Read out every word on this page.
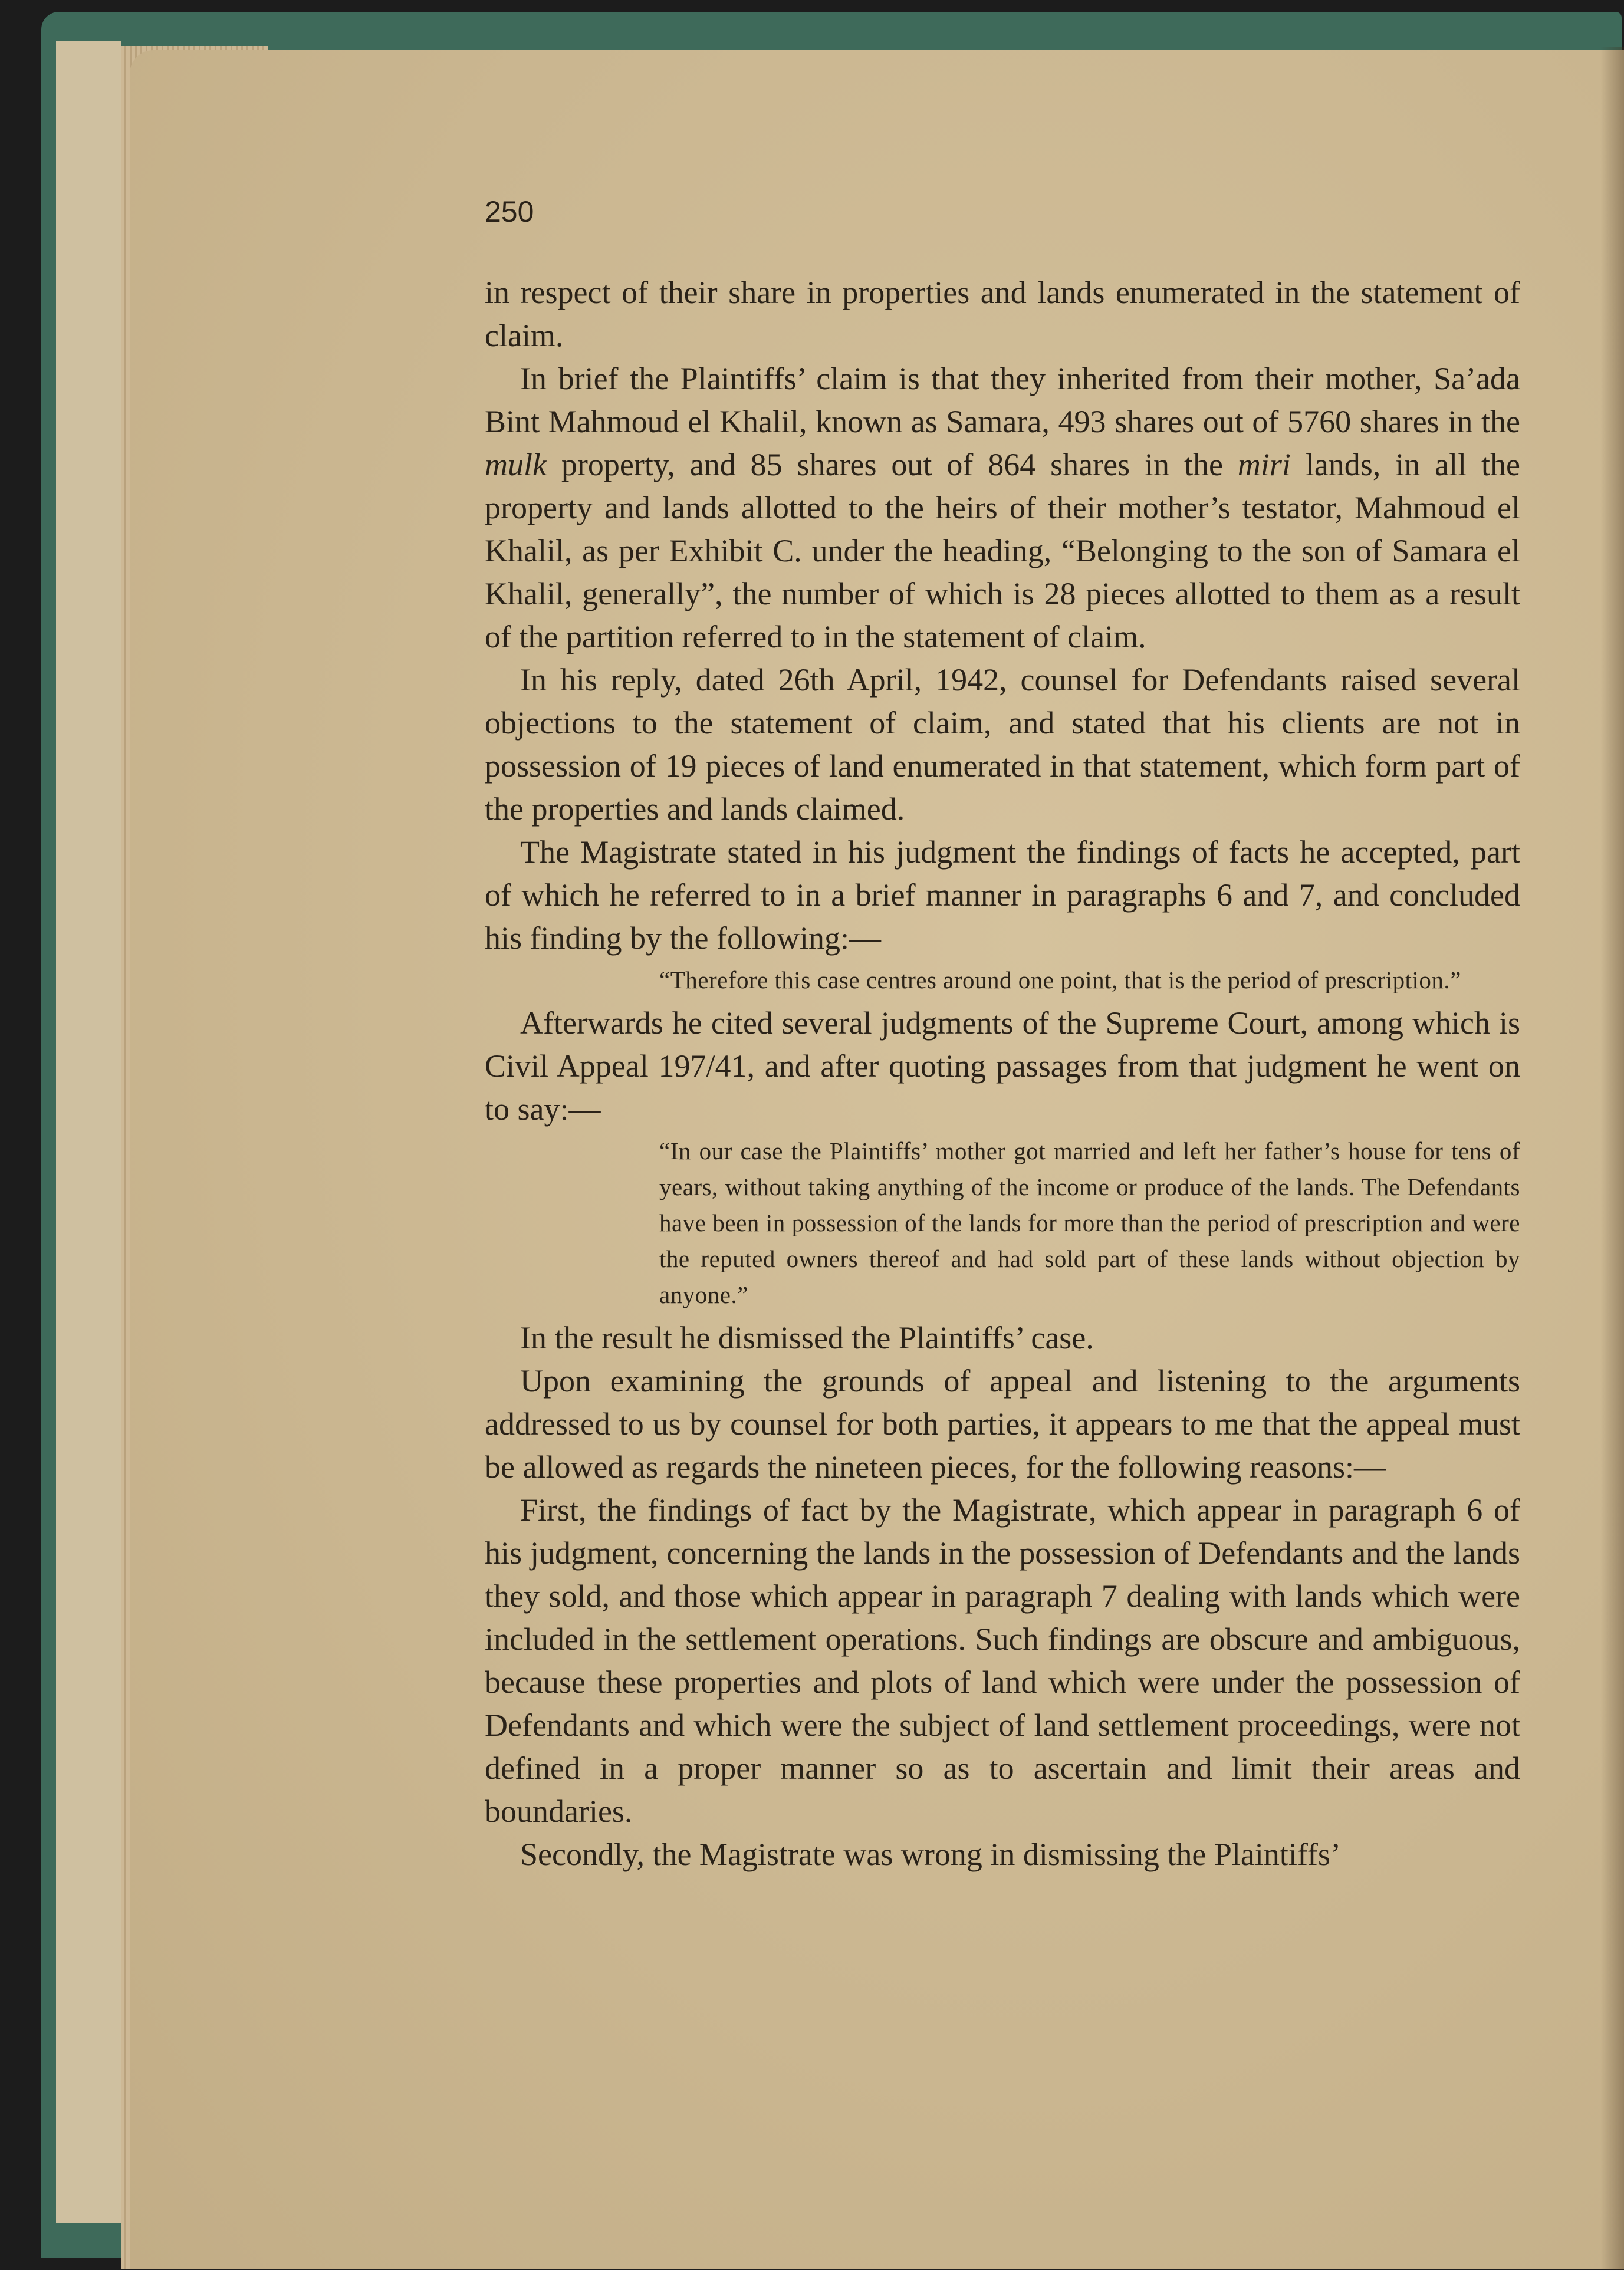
250

in respect of their share in properties and lands enumerated in the statement of claim.

In brief the Plaintiffs’ claim is that they inherited from their mother, Sa’ada Bint Mahmoud el Khalil, known as Samara, 493 shares out of 5760 shares in the mulk property, and 85 shares out of 864 shares in the miri lands, in all the property and lands allotted to the heirs of their mother’s testator, Mahmoud el Khalil, as per Exhibit C. under the heading, “Belonging to the son of Samara el Khalil, generally”, the number of which is 28 pieces allotted to them as a result of the partition referred to in the statement of claim.

In his reply, dated 26th April, 1942, counsel for Defendants raised several objections to the statement of claim, and stated that his clients are not in possession of 19 pieces of land enumerated in that statement, which form part of the properties and lands claimed.

The Magistrate stated in his judgment the findings of facts he accepted, part of which he referred to in a brief manner in paragraphs 6 and 7, and concluded his finding by the following:—

“Therefore this case centres around one point, that is the period of prescription.”

Afterwards he cited several judgments of the Supreme Court, among which is Civil Appeal 197/41, and after quoting passages from that judgment he went on to say:—

“In our case the Plaintiffs’ mother got married and left her father’s house for tens of years, without taking anything of the income or produce of the lands. The Defendants have been in possession of the lands for more than the period of prescription and were the reputed owners thereof and had sold part of these lands without objection by anyone.”

In the result he dismissed the Plaintiffs’ case.

Upon examining the grounds of appeal and listening to the arguments addressed to us by counsel for both parties, it appears to me that the appeal must be allowed as regards the nineteen pieces, for the following reasons:—

First, the findings of fact by the Magistrate, which appear in paragraph 6 of his judgment, concerning the lands in the possession of Defendants and the lands they sold, and those which appear in paragraph 7 dealing with lands which were included in the settlement operations. Such findings are obscure and ambiguous, because these properties and plots of land which were under the possession of Defendants and which were the subject of land settlement proceedings, were not defined in a proper manner so as to ascertain and limit their areas and boundaries.

Secondly, the Magistrate was wrong in dismissing the Plaintiffs’
